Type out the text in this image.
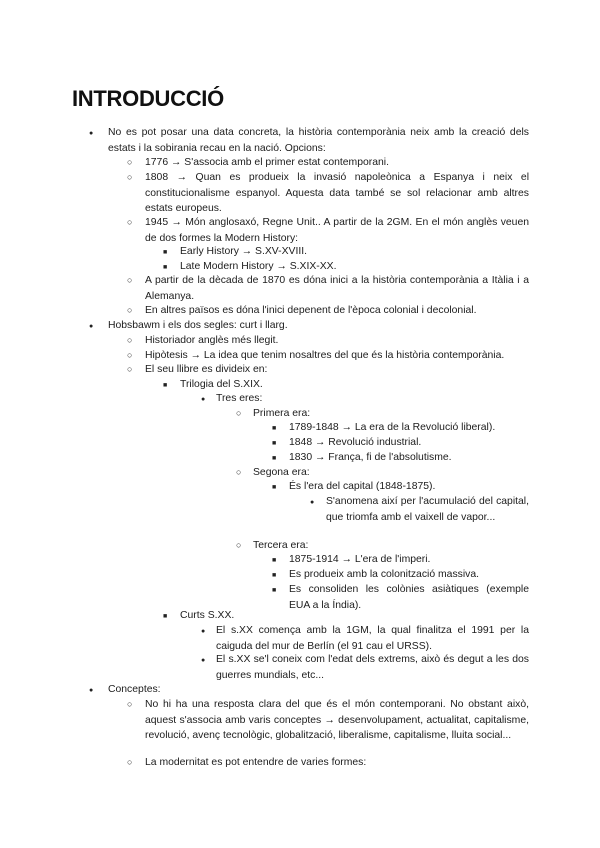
INTRODUCCIÓ
●
No es pot posar una data concreta, la història contemporània neix amb la creació dels estats i la sobirania recau en la nació. Opcions:
○
1776 → S'associa amb el primer estat contemporani.
○
1808 → Quan es produeix la invasió napoleònica a Espanya i neix el constitucionalisme espanyol. Aquesta data també se sol relacionar amb altres estats europeus.
○
1945 → Món anglosaxó, Regne Unit.. A partir de la 2GM. En el món anglès veuen de dos formes la Modern History:
■
Early History → S.XV-XVIII.
■
Late Modern History → S.XIX-XX.
○
A partir de la dècada de 1870 es dóna inici a la història contemporània a Itàlia i a Alemanya.
○
En altres països es dóna l'inici depenent de l'època colonial i decolonial.
●
Hobsbawm i els dos segles: curt i llarg.
○
Historiador anglès més llegit.
○
Hipòtesis → La idea que tenim nosaltres del que és la història contemporània.
○
El seu llibre es divideix en:
■
Trilogia del S.XIX.
●
Tres eres:
○
Primera era:
■
1789-1848 → La era de la Revolució liberal).
■
1848 → Revolució industrial.
■
1830 → França, fi de l'absolutisme.
○
Segona era:
■
És l'era del capital (1848-1875).
●
S'anomena així per l'acumulació del capital, que triomfa amb el vaixell de vapor...
○
Tercera era:
■
1875-1914 → L'era de l'imperi.
■
Es produeix amb la colonització massiva.
■
Es consoliden les colònies asiàtiques (exemple EUA a la Índia).
■
Curts S.XX.
●
El s.XX comença amb la 1GM, la qual finalitza el 1991 per la caiguda del mur de Berlín (el 91 cau el URSS).
●
El s.XX se'l coneix com l'edat dels extrems, això és degut a les dos guerres mundials, etc...
●
Conceptes:
○
No hi ha una resposta clara del que és el món contemporani. No obstant això, aquest s'associa amb varis conceptes → desenvolupament, actualitat, capitalisme, revolució, avenç tecnològic, globalització, liberalisme, capitalisme, lluita social...
○
La modernitat es pot entendre de varies formes:
